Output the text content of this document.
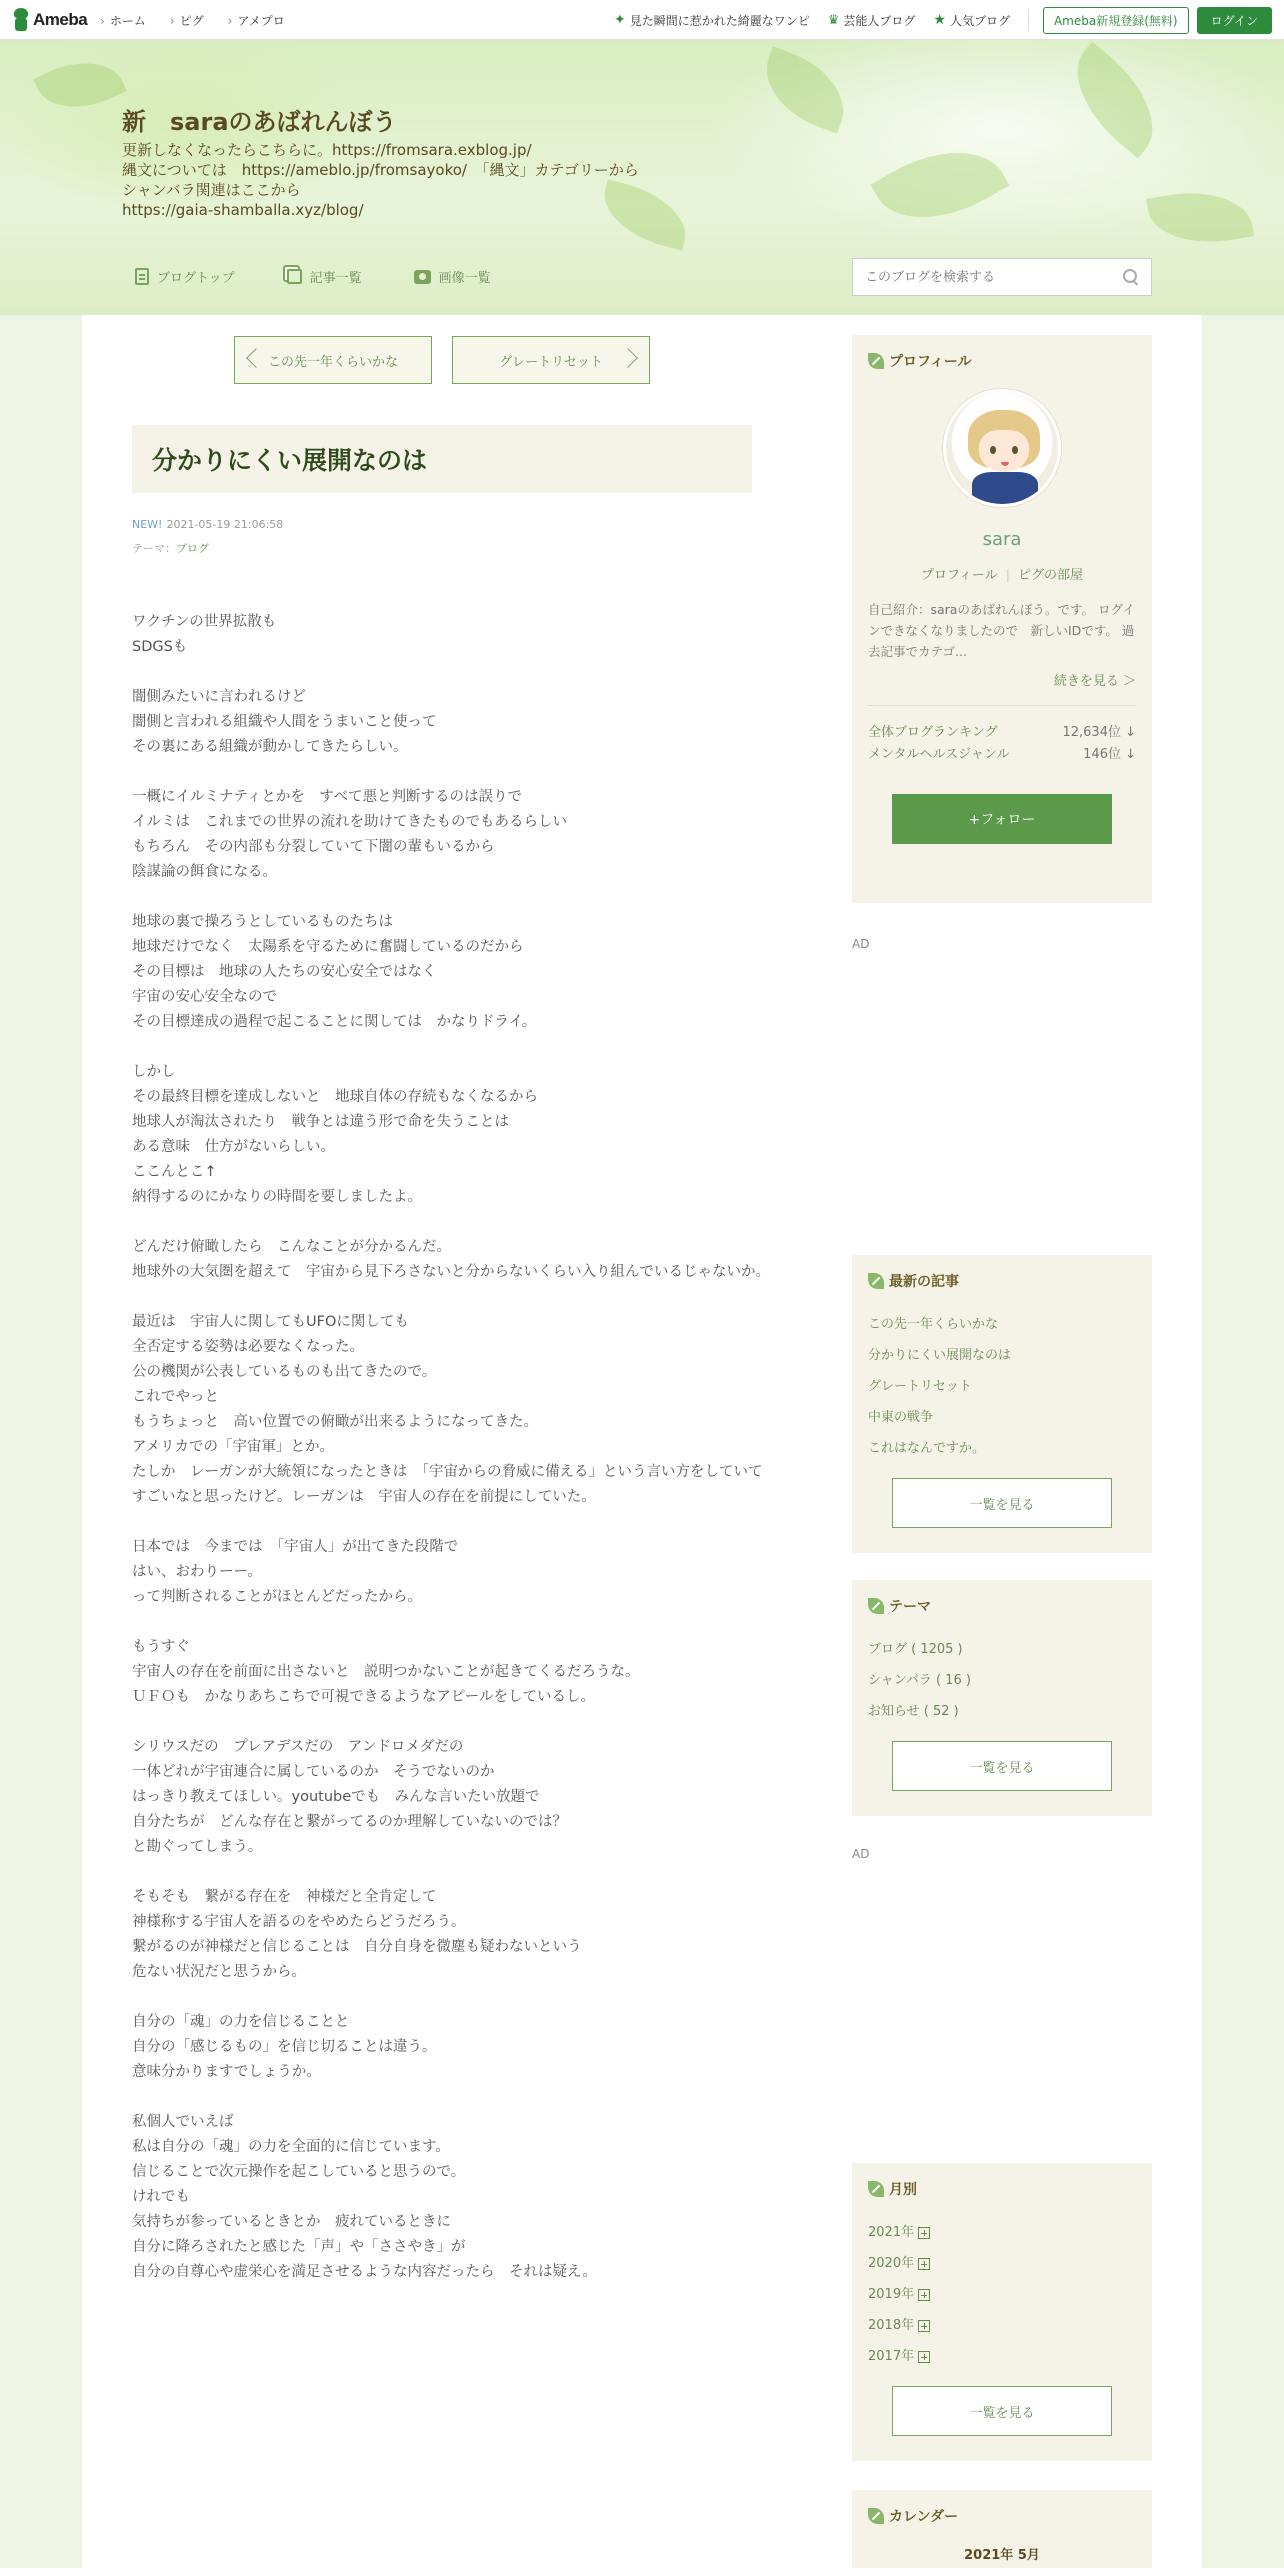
Ameba	› ホーム	› ピグ	› アメプロ	✦ 見た瞬間に惹かれた綺麗なワンピ ♛ 芸能人ブログ ★ 人気ブログ	Ameba新規登録(無料)	ログイン
新　saraのあばれんぼう
更新しなくなったらこちらに。https://fromsara.exblog.jp/
縄文については　https://ameblo.jp/fromsayoko/　「縄文」カテゴリーから
シャンバラ関連はここから
https://gaia-shamballa.xyz/blog/
ブログトップ	記事一覧	画像一覧
このブログを検索する
この先一年くらいかな	グレートリセット
分かりにくい展開なのは
NEW! 2021-05-19 21:06:58
テーマ：ブログ

ワクチンの世界拡散も
SDGSも

闇側みたいに言われるけど
闇側と言われる組織や人間をうまいこと使って
その裏にある組織が動かしてきたらしい。

一概にイルミナティとかを　すべて悪と判断するのは誤りで
イルミは　これまでの世界の流れを助けてきたものでもあるらしい
もちろん　その内部も分裂していて下闇の輩もいるから
陰謀論の餌食になる。

地球の裏で操ろうとしているものたちは
地球だけでなく　太陽系を守るために奮闘しているのだから
その目標は　地球の人たちの安心安全ではなく
宇宙の安心安全なので
その目標達成の過程で起こることに関しては　かなりドライ。

しかし
その最終目標を達成しないと　地球自体の存続もなくなるから
地球人が淘汰されたり　戦争とは違う形で命を失うことは
ある意味　仕方がないらしい。
ここんとこ↑
納得するのにかなりの時間を要しましたよ。

どんだけ俯瞰したら　こんなことが分かるんだ。
地球外の大気圏を超えて　宇宙から見下ろさないと分からないくらい入り組んでいるじゃないか。

最近は　宇宙人に関してもUFOに関しても
全否定する姿勢は必要なくなった。
公の機関が公表しているものも出てきたので。
これでやっと
もうちょっと　高い位置での俯瞰が出来るようになってきた。
アメリカでの「宇宙軍」とか。
たしか　レーガンが大統領になったときは　「宇宙からの脅威に備える」という言い方をしていて
すごいなと思ったけど。レーガンは　宇宙人の存在を前提にしていた。

日本では　今までは　「宇宙人」が出てきた段階で
はい、おわりーー。
って判断されることがほとんどだったから。

もうすぐ
宇宙人の存在を前面に出さないと　説明つかないことが起きてくるだろうな。
ＵＦＯも　かなりあちこちで可視できるようなアピールをしているし。

シリウスだの　プレアデスだの　アンドロメダだの
一体どれが宇宙連合に属しているのか　そうでないのか
はっきり教えてほしい。youtubeでも　みんな言いたい放題で
自分たちが　どんな存在と繋がってるのか理解していないのでは？
と勘ぐってしまう。

そもそも　繋がる存在を　神様だと全肯定して
神様称する宇宙人を語るのをやめたらどうだろう。
繋がるのが神様だと信じることは　自分自身を微塵も疑わないという
危ない状況だと思うから。

自分の「魂」の力を信じることと
自分の「感じるもの」を信じ切ることは違う。
意味分かりますでしょうか。

私個人でいえば
私は自分の「魂」の力を全面的に信じています。
信じることで次元操作を起こしていると思うので。
けれでも
気持ちが参っているときとか　疲れているときに
自分に降ろされたと感じた「声」や「ささやき」が
自分の自尊心や虚栄心を満足させるような内容だったら　それは疑え。

プロフィール
sara
プロフィール | ピグの部屋
自己紹介：saraのあばれんぼう。です。 ログインできなくなりましたので　新しいIDです。 過去記事でカテゴ...
続きを見る ＞
全体ブログランキング	12,634位 ↓
メンタルヘルスジャンル	146位 ↓
+フォロー
AD
最新の記事
この先一年くらいかな
分かりにくい展開なのは
グレートリセット
中東の戦争
これはなんですか。
一覧を見る
テーマ
ブログ ( 1205 )
シャンバラ ( 16 )
お知らせ ( 52 )
一覧を見る
AD
月別
2021年
2020年
2019年
2018年
2017年
一覧を見る
カレンダー
2021年 5月
